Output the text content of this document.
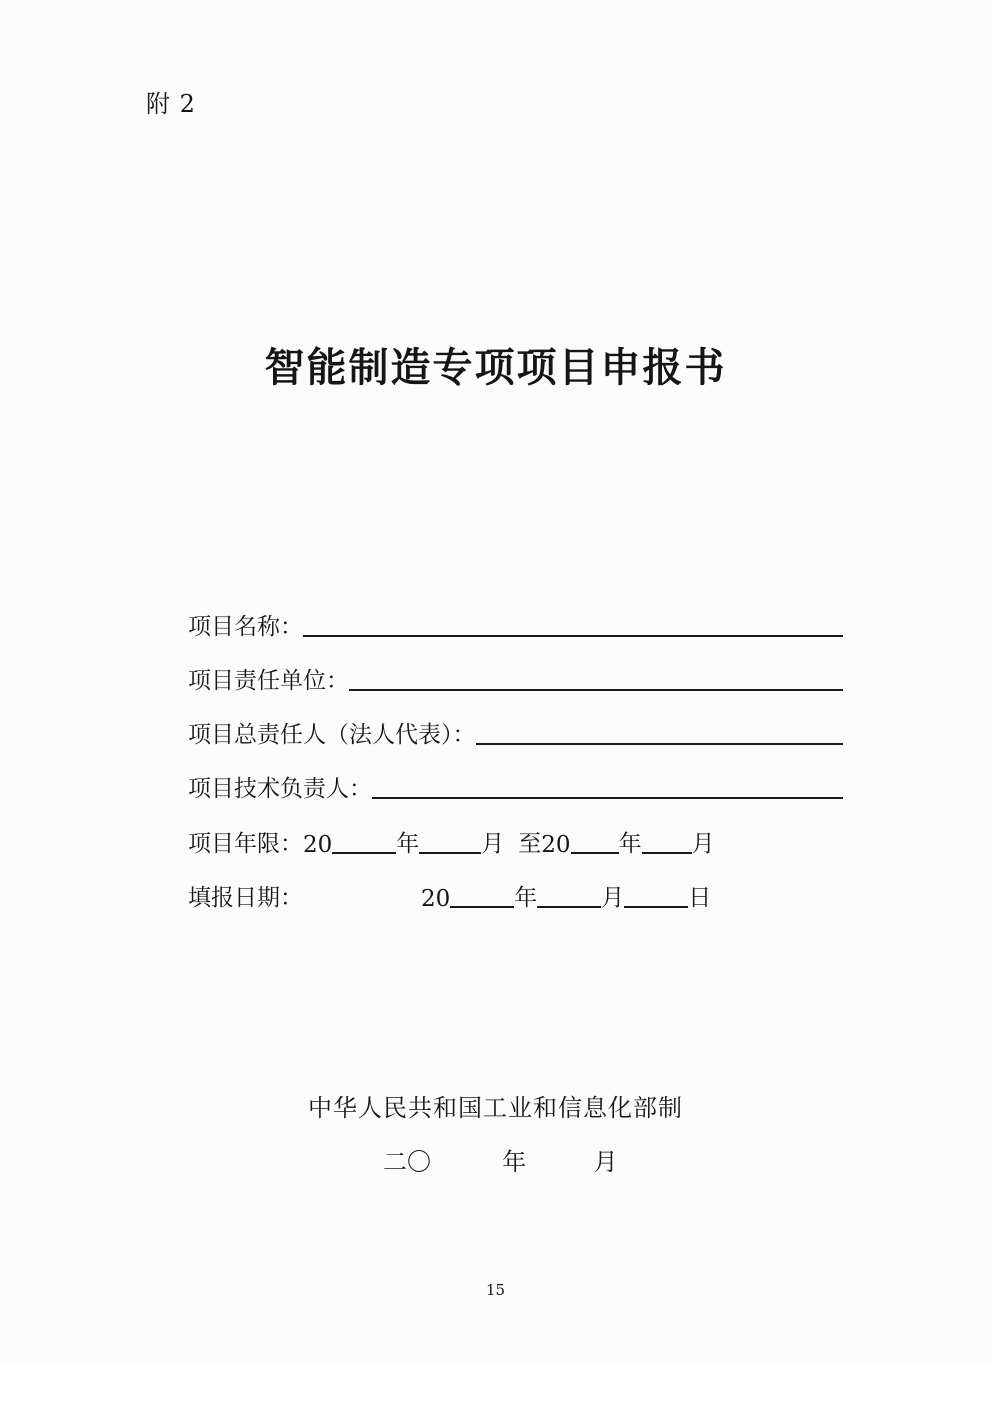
附 2
智能制造专项项目申报书
项目名称：
项目责任单位：
项目总责任人（法人代表）：
项目技术负责人：
项目年限： 20	年	月 至 20 年 月
填报日期：	20	年	月	日
中华人民共和国工业和信息化部制
二〇	年	月
15
